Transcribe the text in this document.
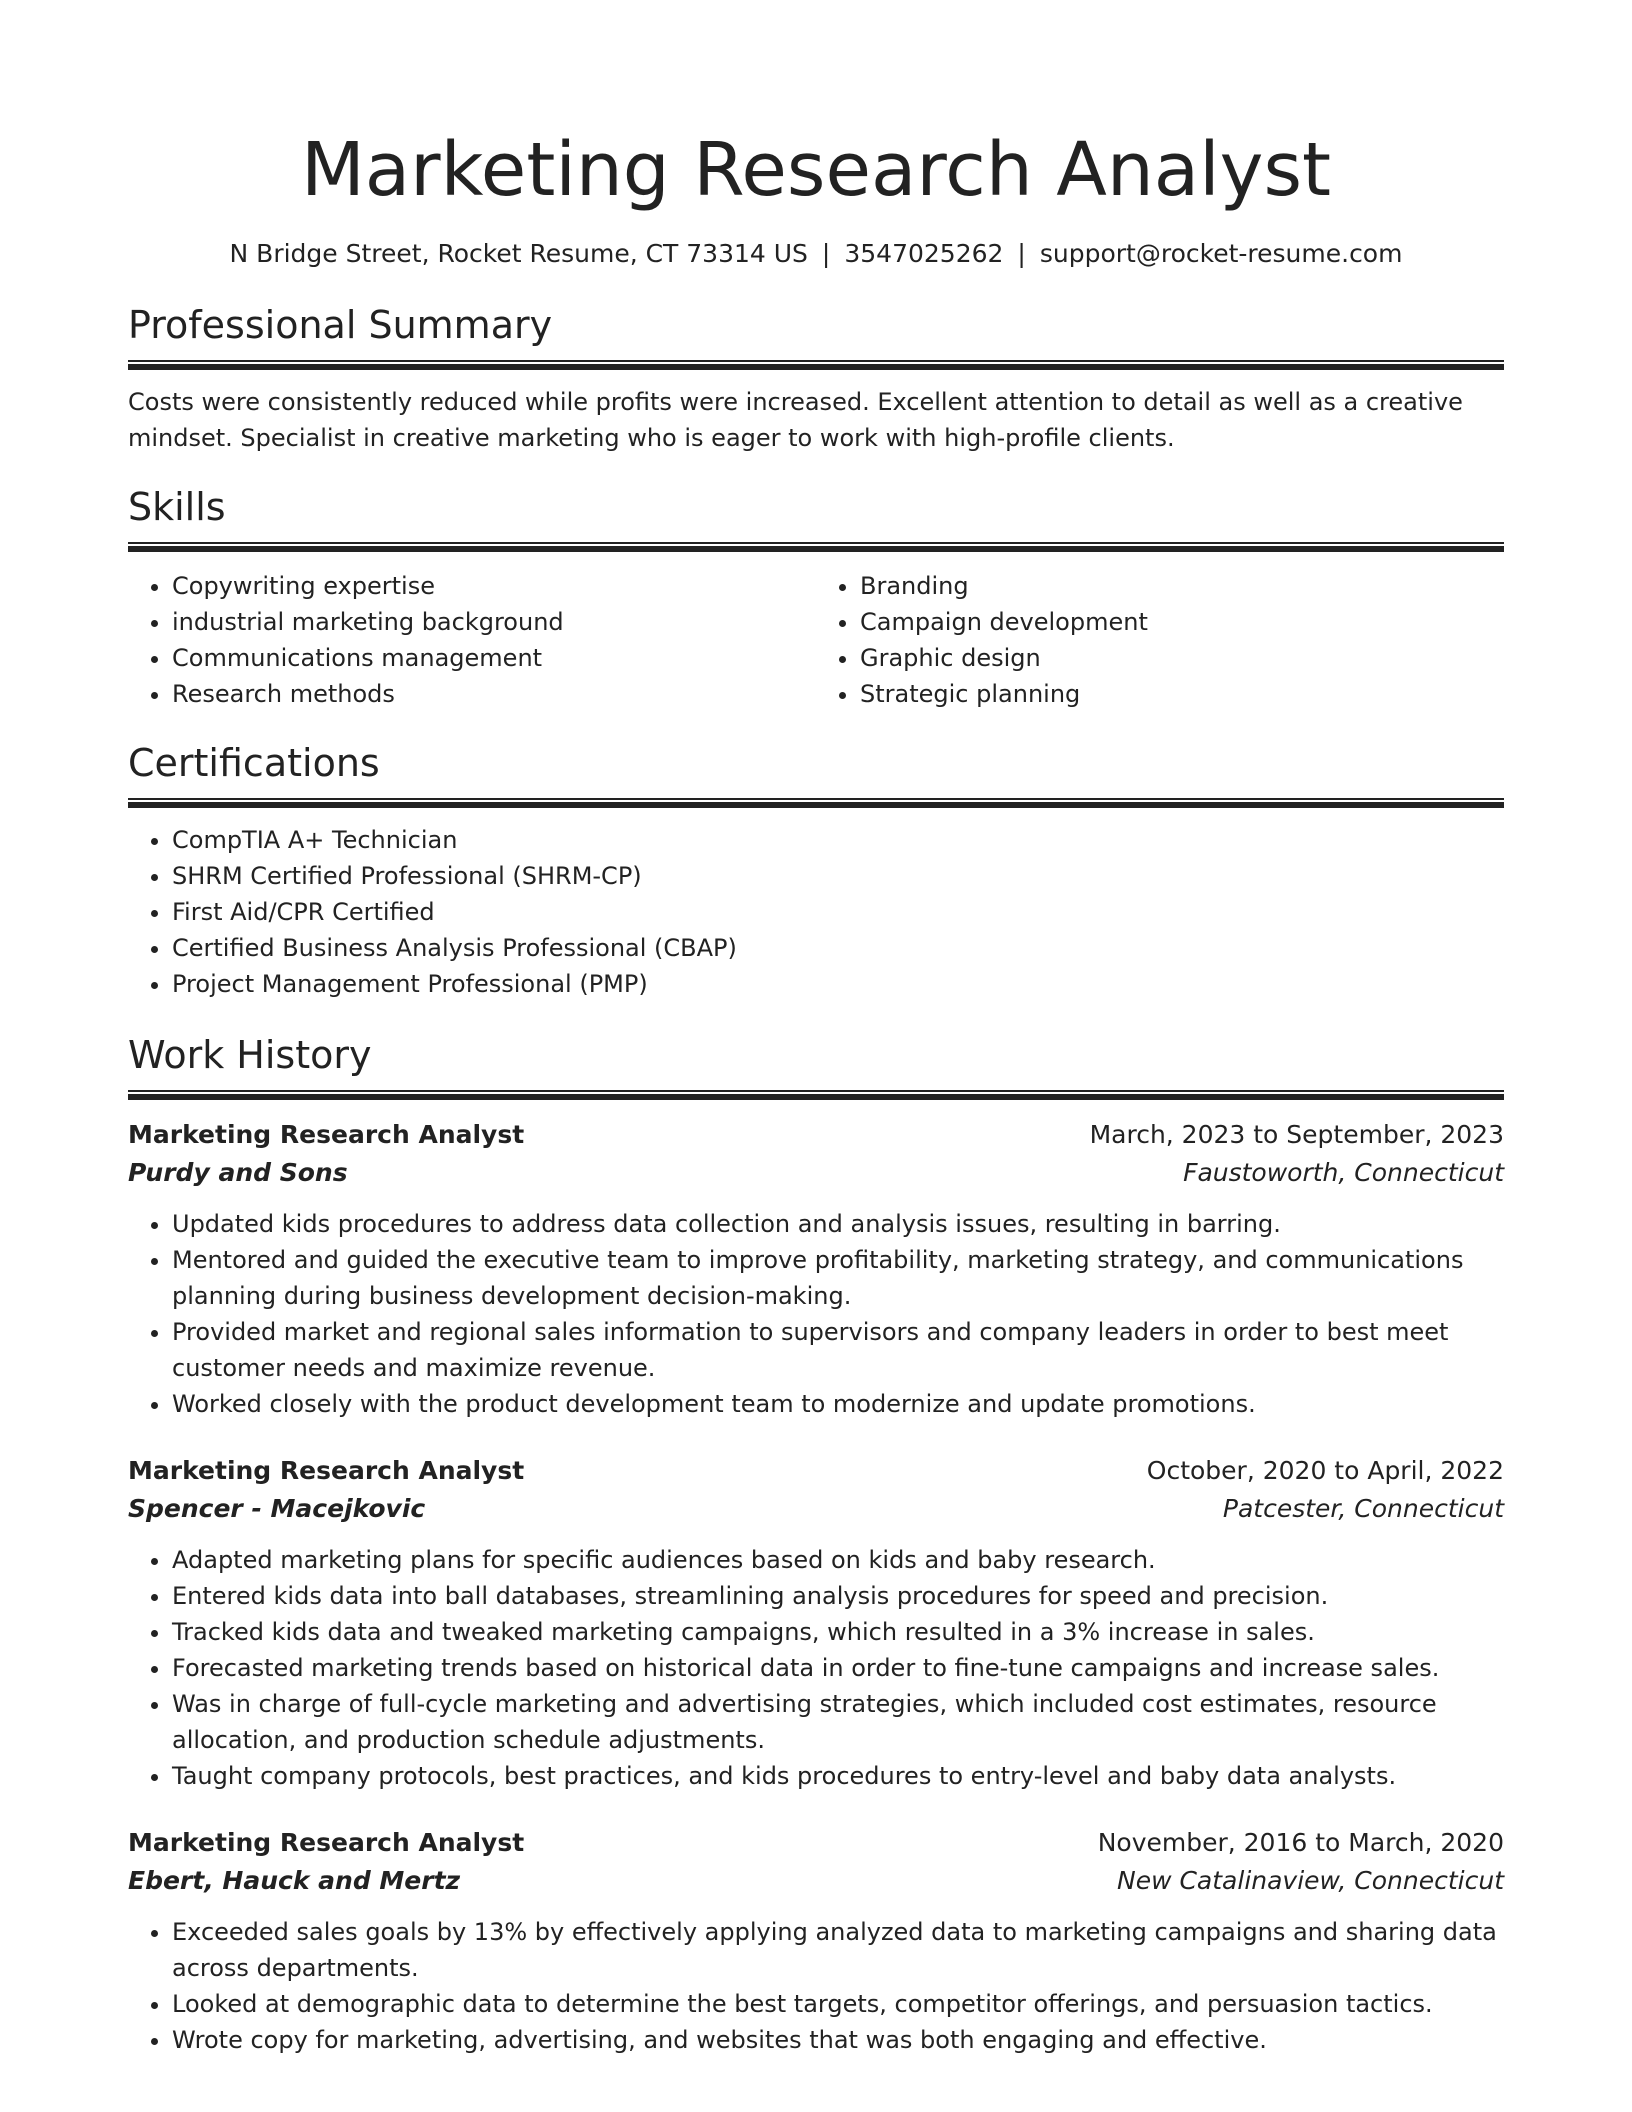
Marketing Research Analyst
N Bridge Street, Rocket Resume, CT 73314 US | 3547025262 | support@rocket-resume.com
Professional Summary
Costs were consistently reduced while profits were increased. Excellent attention to detail as well as a creative mindset. Specialist in creative marketing who is eager to work with high-profile clients.
Skills
• Copywriting expertise
• industrial marketing background
• Communications management
• Research methods
• Branding
• Campaign development
• Graphic design
• Strategic planning
Certifications
• CompTIA A+ Technician
• SHRM Certified Professional (SHRM-CP)
• First Aid/CPR Certified
• Certified Business Analysis Professional (CBAP)
• Project Management Professional (PMP)
Work History
Marketing Research Analyst	March, 2023 to September, 2023
Purdy and Sons	Faustoworth, Connecticut
• Updated kids procedures to address data collection and analysis issues, resulting in barring.
• Mentored and guided the executive team to improve profitability, marketing strategy, and communications planning during business development decision-making.
• Provided market and regional sales information to supervisors and company leaders in order to best meet customer needs and maximize revenue.
• Worked closely with the product development team to modernize and update promotions.
Marketing Research Analyst	October, 2020 to April, 2022
Spencer - Macejkovic	Patcester, Connecticut
• Adapted marketing plans for specific audiences based on kids and baby research.
• Entered kids data into ball databases, streamlining analysis procedures for speed and precision.
• Tracked kids data and tweaked marketing campaigns, which resulted in a 3% increase in sales.
• Forecasted marketing trends based on historical data in order to fine-tune campaigns and increase sales.
• Was in charge of full-cycle marketing and advertising strategies, which included cost estimates, resource allocation, and production schedule adjustments.
• Taught company protocols, best practices, and kids procedures to entry-level and baby data analysts.
Marketing Research Analyst	November, 2016 to March, 2020
Ebert, Hauck and Mertz	New Catalinaview, Connecticut
• Exceeded sales goals by 13% by effectively applying analyzed data to marketing campaigns and sharing data across departments.
• Looked at demographic data to determine the best targets, competitor offerings, and persuasion tactics.
• Wrote copy for marketing, advertising, and websites that was both engaging and effective.
